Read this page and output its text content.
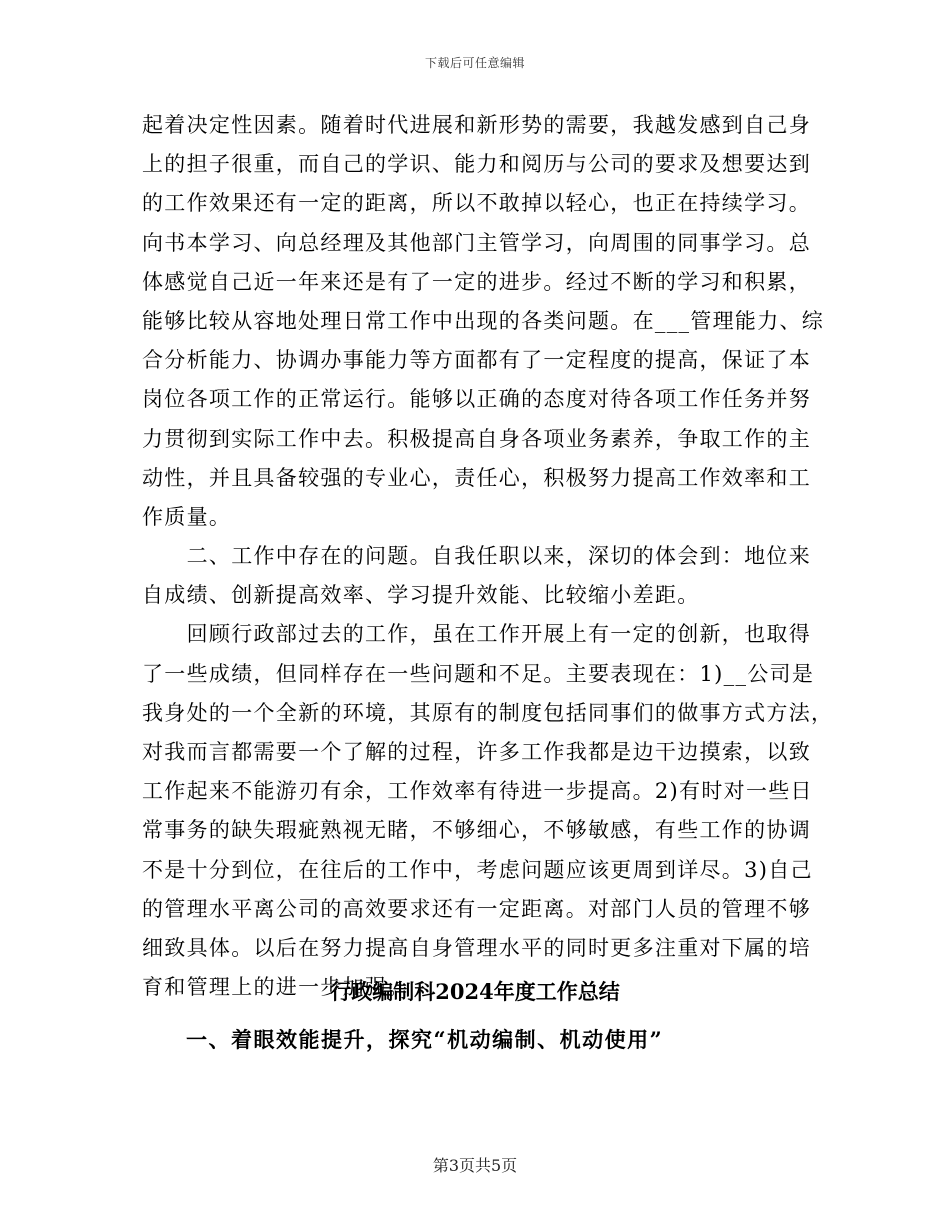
下载后可任意编辑
起着决定性因素。随着时代进展和新形势的需要，我越发感到自己身
上的担子很重，而自己的学识、能力和阅历与公司的要求及想要达到
的工作效果还有一定的距离，所以不敢掉以轻心，也正在持续学习。
向书本学习、向总经理及其他部门主管学习，向周围的同事学习。总
体感觉自己近一年来还是有了一定的进步。经过不断的学习和积累，
能够比较从容地处理日常工作中出现的各类问题。在___管理能力、综
合分析能力、协调办事能力等方面都有了一定程度的提高，保证了本
岗位各项工作的正常运行。能够以正确的态度对待各项工作任务并努
力贯彻到实际工作中去。积极提高自身各项业务素养，争取工作的主
动性，并且具备较强的专业心，责任心，积极努力提高工作效率和工
作质量。
　　二、工作中存在的问题。自我任职以来，深切的体会到：地位来
自成绩、创新提高效率、学习提升效能、比较缩小差距。
　　回顾行政部过去的工作，虽在工作开展上有一定的创新，也取得
了一些成绩，但同样存在一些问题和不足。主要表现在：1)__公司是
我身处的一个全新的环境，其原有的制度包括同事们的做事方式方法，
对我而言都需要一个了解的过程，许多工作我都是边干边摸索，以致
工作起来不能游刃有余，工作效率有待进一步提高。2)有时对一些日
常事务的缺失瑕疵熟视无睹，不够细心，不够敏感，有些工作的协调
不是十分到位，在往后的工作中，考虑问题应该更周到详尽。3)自己
的管理水平离公司的高效要求还有一定距离。对部门人员的管理不够
细致具体。以后在努力提高自身管理水平的同时更多注重对下属的培
育和管理上的进一步加强。
行政编制科2024年度工作总结
一、着眼效能提升，探究“机动编制、机动使用”
第3页共5页
